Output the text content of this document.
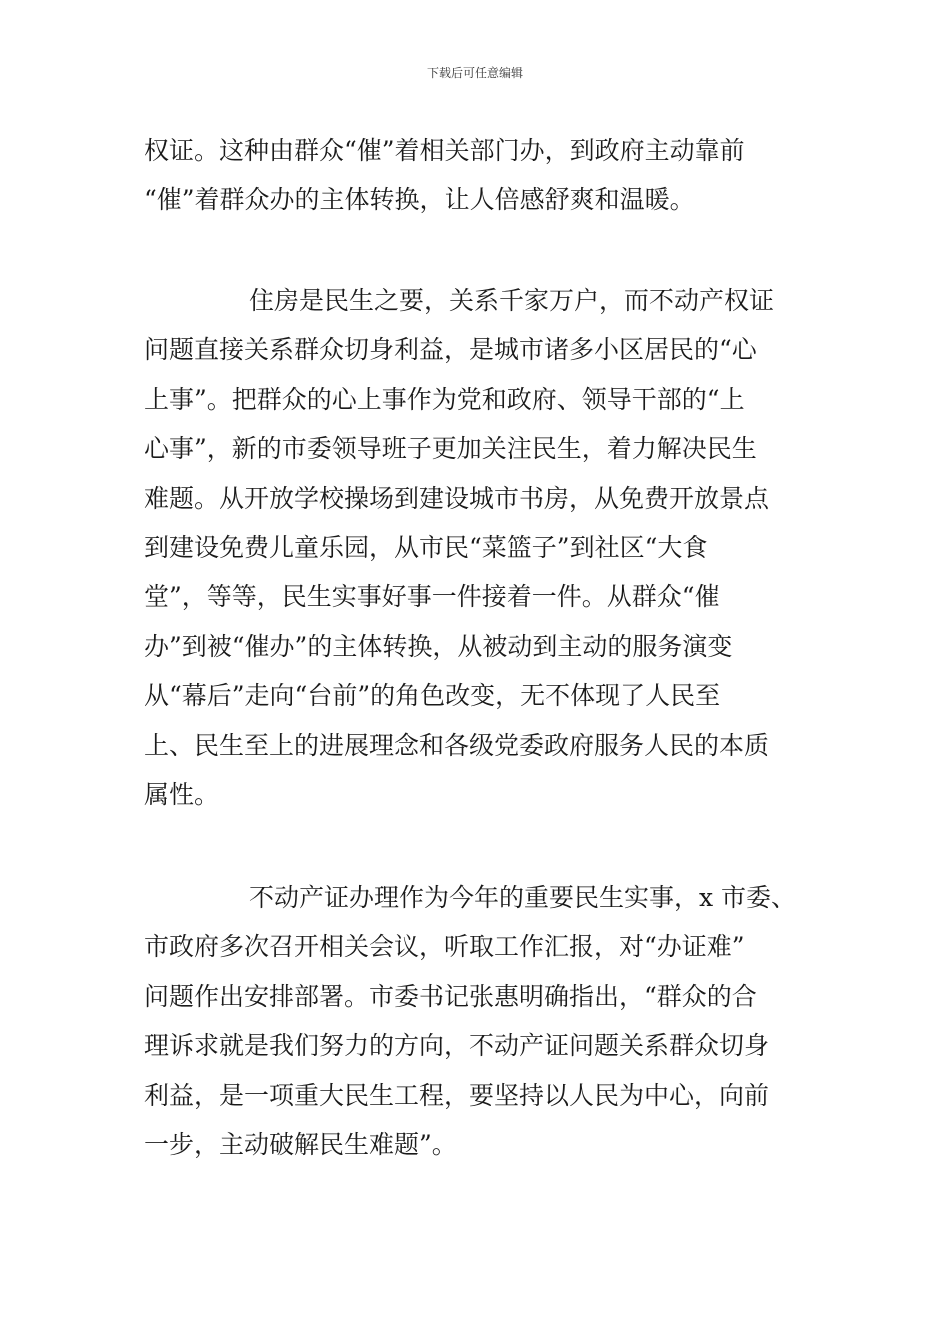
下载后可任意编辑
权证。这种由群众“催”着相关部门办，到政府主动靠前
“催”着群众办的主体转换，让人倍感舒爽和温暖。
住房是民生之要，关系千家万户，而不动产权证
问题直接关系群众切身利益，是城市诸多小区居民的“心
上事”。把群众的心上事作为党和政府、领导干部的“上
心事”，新的市委领导班子更加关注民生，着力解决民生
难题。从开放学校操场到建设城市书房，从免费开放景点
到建设免费儿童乐园，从市民“菜篮子”到社区“大食
堂”，等等，民生实事好事一件接着一件。从群众“催
办”到被“催办”的主体转换，从被动到主动的服务演变
从“幕后”走向“台前”的角色改变，无不体现了人民至
上、民生至上的进展理念和各级党委政府服务人民的本质
属性。
不动产证办理作为今年的重要民生实事，x 市委、
市政府多次召开相关会议，听取工作汇报，对“办证难”
问题作出安排部署。市委书记张惠明确指出，“群众的合
理诉求就是我们努力的方向，不动产证问题关系群众切身
利益，是一项重大民生工程，要坚持以人民为中心，向前
一步，主动破解民生难题”。
